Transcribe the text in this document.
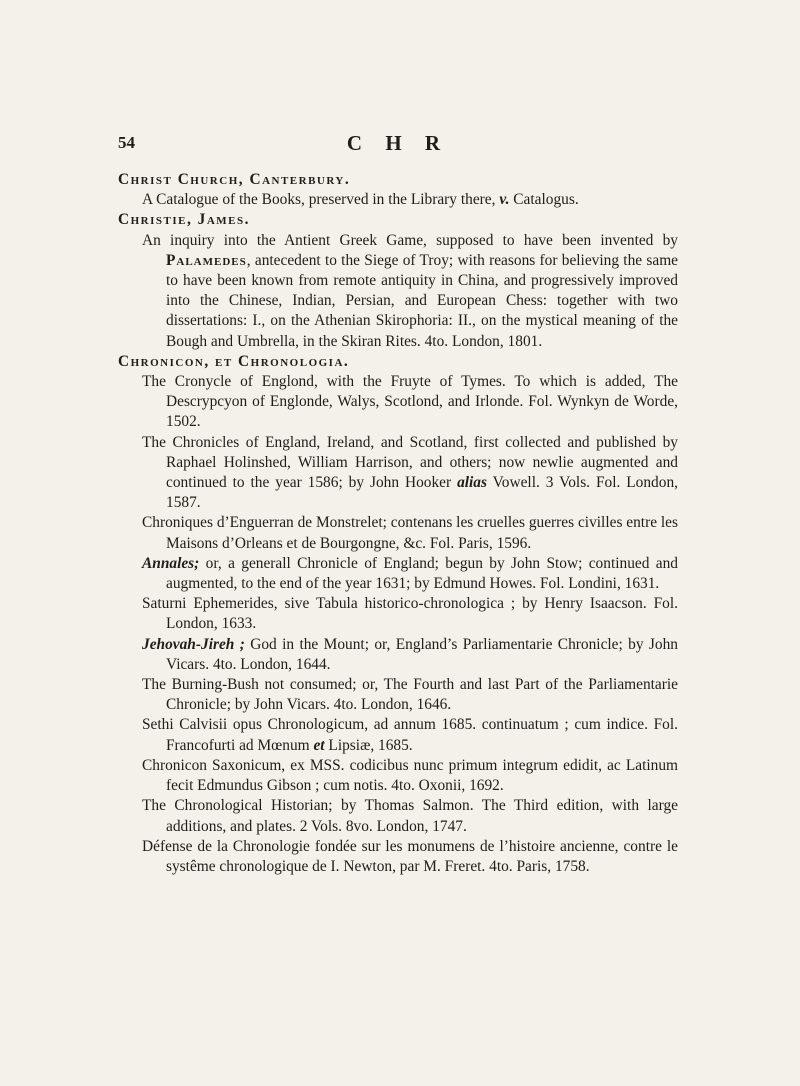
54	C H R
Christ Church, Canterbury.
A Catalogue of the Books, preserved in the Library there, v. Catalogus.
Christie, James.
An inquiry into the Antient Greek Game, supposed to have been invented by Palamedes, antecedent to the Siege of Troy; with reasons for believing the same to have been known from remote antiquity in China, and progressively improved into the Chinese, Indian, Persian, and European Chess: together with two dissertations: I., on the Athenian Skirophoria: II., on the mystical meaning of the Bough and Umbrella, in the Skiran Rites. 4to. London, 1801.
Chronicon, et Chronologia.
The Cronycle of Englond, with the Fruyte of Tymes. To which is added, The Descrypcyon of Englonde, Walys, Scotlond, and Irlonde. Fol. Wynkyn de Worde, 1502.
The Chronicles of England, Ireland, and Scotland, first collected and published by Raphael Holinshed, William Harrison, and others; now newlie augmented and continued to the year 1586; by John Hooker alias Vowell. 3 Vols. Fol. London, 1587.
Chroniques d’Enguerran de Monstrelet; contenans les cruelles guerres civilles entre les Maisons d’Orleans et de Bourgongne, &c. Fol. Paris, 1596.
Annales; or, a generall Chronicle of England; begun by John Stow; continued and augmented, to the end of the year 1631; by Edmund Howes. Fol. Londini, 1631.
Saturni Ephemerides, sive Tabula historico-chronologica ; by Henry Isaacson. Fol. London, 1633.
Jehovah-Jireh ; God in the Mount; or, England’s Parliamentarie Chronicle; by John Vicars. 4to. London, 1644.
The Burning-Bush not consumed; or, The Fourth and last Part of the Parliamentarie Chronicle; by John Vicars. 4to. London, 1646.
Sethi Calvisii opus Chronologicum, ad annum 1685. continuatum ; cum indice. Fol. Francofurti ad Mœnum et Lipsiæ, 1685.
Chronicon Saxonicum, ex MSS. codicibus nunc primum integrum edidit, ac Latinum fecit Edmundus Gibson ; cum notis. 4to. Oxonii, 1692.
The Chronological Historian; by Thomas Salmon. The Third edition, with large additions, and plates. 2 Vols. 8vo. London, 1747.
Défense de la Chronologie fondée sur les monumens de l’histoire ancienne, contre le systême chronologique de I. Newton, par M. Freret. 4to. Paris, 1758.
